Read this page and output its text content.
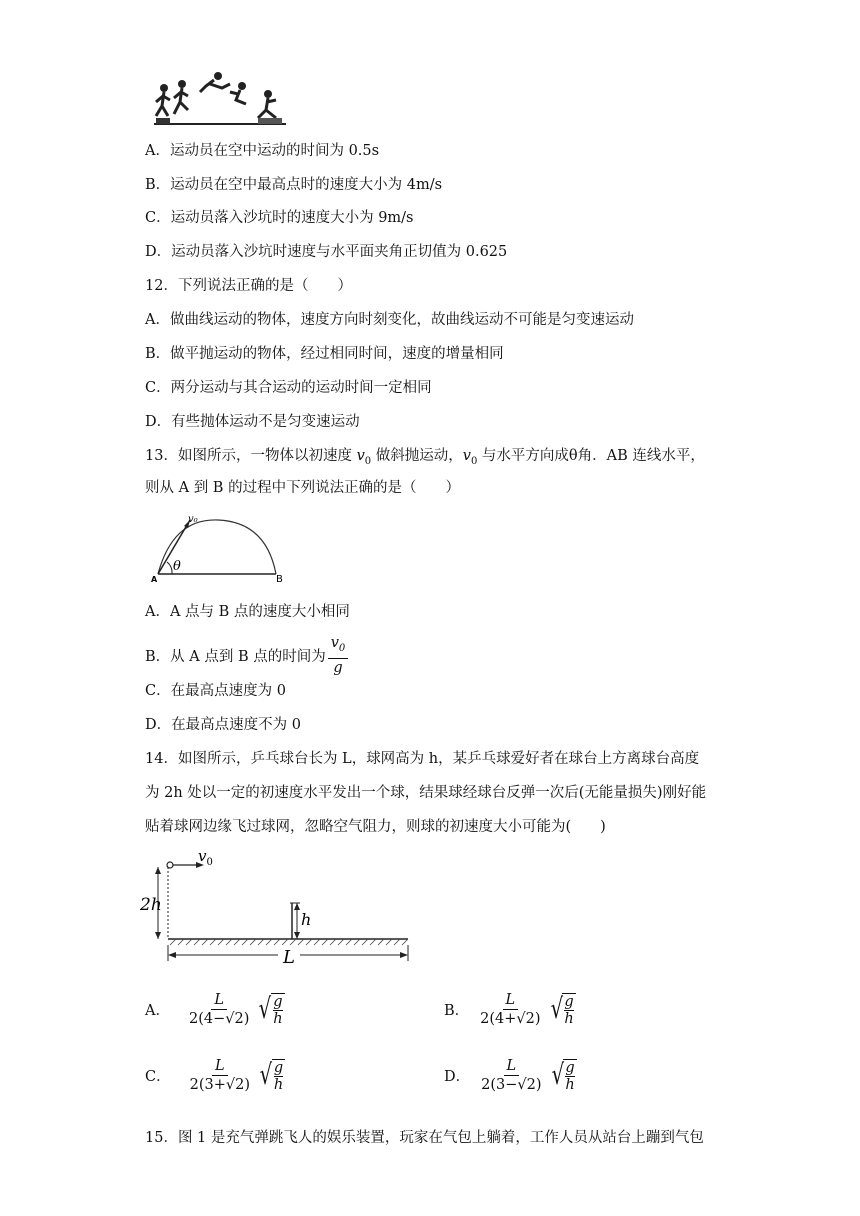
A．运动员在空中运动的时间为 0.5s
B．运动员在空中最高点时的速度大小为 4m/s
C．运动员落入沙坑时的速度大小为 9m/s
D．运动员落入沙坑时速度与水平面夹角正切值为 0.625
12．下列说法正确的是（　　）
A．做曲线运动的物体，速度方向时刻变化，故曲线运动不可能是匀变速运动
B．做平抛运动的物体，经过相同时间，速度的增量相同
C．两分运动与其合运动的运动时间一定相同
D．有些抛体运动不是匀变速运动
13．如图所示，一物体以初速度 $v_0$ 做斜抛运动，$v_0$ 与水平方向成θ角．AB 连线水平，
则从 A 到 B 的过程中下列说法正确的是（　　）
v₀
θ
A	B
A．A 点与 B 点的速度大小相同
B．从 A 点到 B 点的时间为 $\frac{v_0}{g}$
C．在最高点速度为 0
D．在最高点速度不为 0
14．如图所示，乒乓球台长为 L，球网高为 h，某乒乓球爱好者在球台上方离球台高度
为 2h 处以一定的初速度水平发出一个球，结果球经球台反弹一次后(无能量损失)刚好能
贴着球网边缘飞过球网，忽略空气阻力，则球的初速度大小可能为(　　)
$v_0$
2h
h
L
A． $\frac{L}{2(4-√2)}$ √ $\frac{g}{h}$	B． $\frac{L}{2(4+√2)}$ √ $\frac{g}{h}$
C． $\frac{L}{2(3+√2)}$ √ $\frac{g}{h}$	D． $\frac{L}{2(3-√2)}$ √ $\frac{g}{h}$
15．图 1 是充气弹跳飞人的娱乐装置，玩家在气包上躺着，工作人员从站台上蹦到气包
